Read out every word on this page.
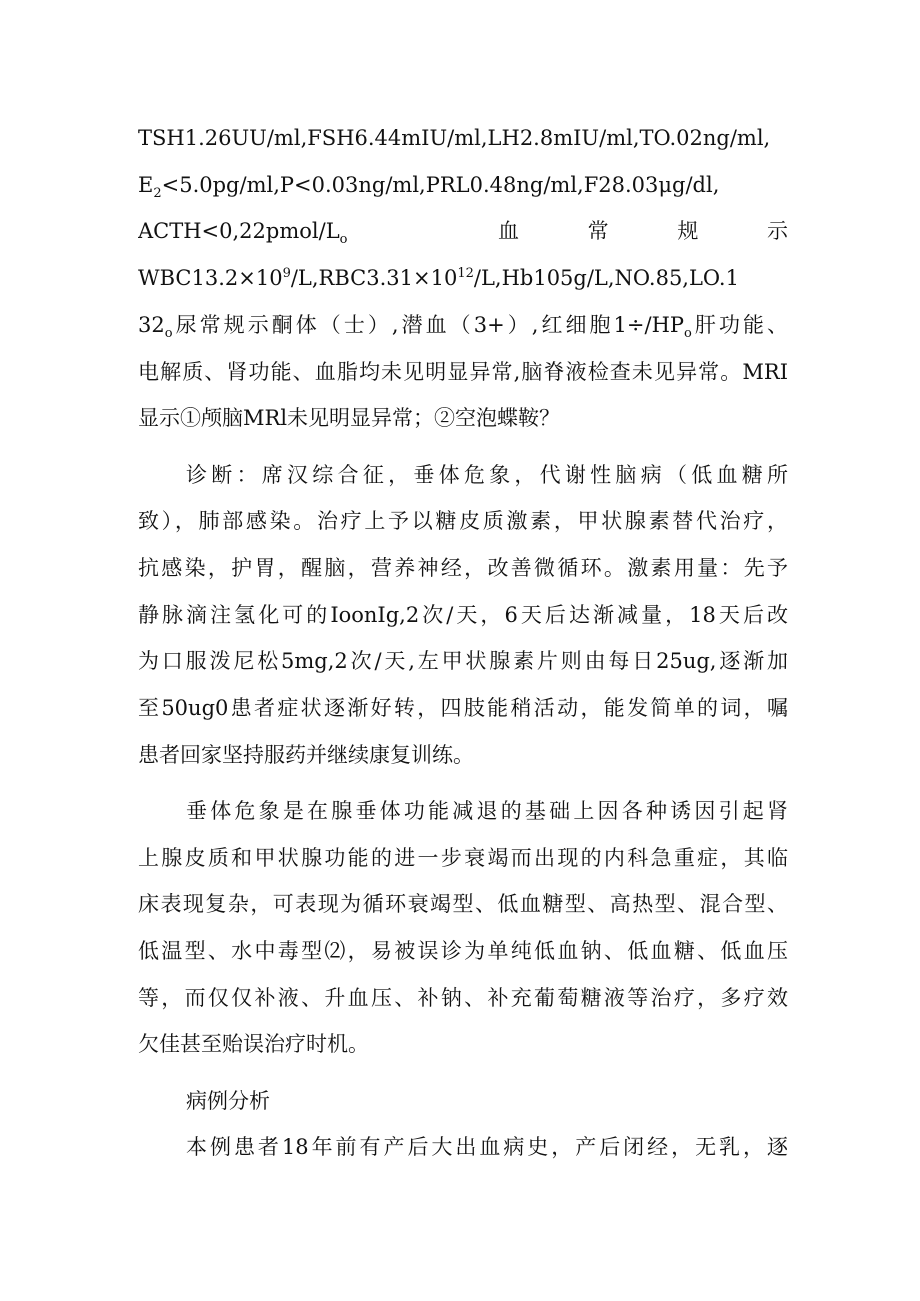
TSH1.26UU/ml,FSH6.44mIU/ml,LH2.8mIU/ml,TO.02ng/ml,
$E_2<5.0pg/ml,P<0.03ng/ml,PRL0.48ng/ml,F28.03\mu g/dl$,
$ACTH<0,22pmol/L_o$	血	常	规	示
$WBC13.2\times 10^9/L,RBC3.31\times 10^{12}/L,Hb105g/L,NO.85,LO.1$
$32_o$尿常规示酮体（士）,潜血（3+）,红细胞$1\div/HP_o$肝功能、
电解质、肾功能、血脂均未见明显异常,脑脊液检查未见异常。MRI
显示①颅脑MRl未见明显异常；②空泡蝶鞍？
诊断：席汉综合征，垂体危象，代谢性脑病（低血糖所
致），肺部感染。治疗上予以糖皮质激素，甲状腺素替代治疗，
抗感染，护胃，醒脑，营养神经，改善微循环。激素用量：先予
静脉滴注氢化可的IoonIg,2次/天，6天后达渐减量，18天后改
为口服泼尼松5mg,2次/天,左甲状腺素片则由每日25ug,逐渐加
至50ug0患者症状逐渐好转，四肢能稍活动，能发简单的词，嘱
患者回家坚持服药并继续康复训练。
垂体危象是在腺垂体功能减退的基础上因各种诱因引起肾
上腺皮质和甲状腺功能的进一步衰竭而出现的内科急重症，其临
床表现复杂，可表现为循环衰竭型、低血糖型、高热型、混合型、
低温型、水中毒型⑵，易被误诊为单纯低血钠、低血糖、低血压
等，而仅仅补液、升血压、补钠、补充葡萄糖液等治疗，多疗效
欠佳甚至贻误治疗时机。
病例分析
本例患者18年前有产后大出血病史，产后闭经，无乳，逐
